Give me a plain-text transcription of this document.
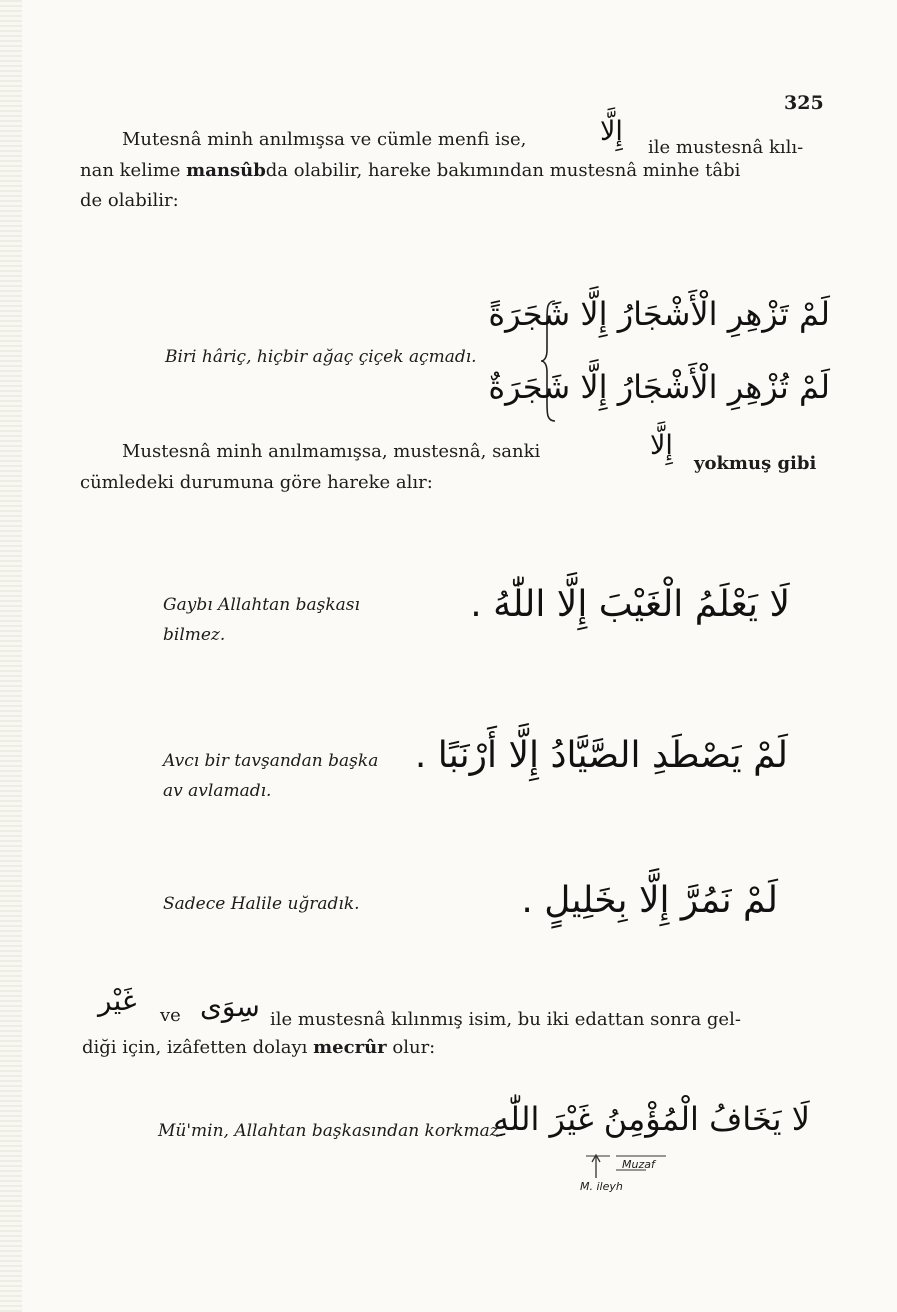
325
Mutesnâ minh anılmışsa ve cümle menfi ise,	إِلَّا
ile mustesnâ kılı-
nan kelime mansûbda olabilir, hareke bakımından mustesnâ minhe tâbi
de olabilir:
Biri hâriç, hiçbir ağaç çiçek açmadı.
لَمْ تَزْهِرِ الْأَشْجَارُ إِلَّا شَجَرَةً
لَمْ تُزْهِرِ الْأَشْجَارُ إِلَّا شَجَرَةٌ
Mustesnâ minh anılmamışsa, mustesnâ, sanki	إِلَّا
yokmuş gibi
cümledeki durumuna göre hareke alır:
Gaybı Allahtan başkası
bilmez.
لَا يَعْلَمُ الْغَيْبَ إِلَّا اللّٰهُ .
Avcı bir tavşandan başka
av avlamadı.
لَمْ يَصْطَدِ الصَّيَّادُ إِلَّا أَرْنَبًا .
Sadece Halile uğradık.	لَمْ نَمُرَّ إِلَّا بِخَلِيلٍ .
غَيْر ve سِوَى ile mustesnâ kılınmış isim, bu iki edattan sonra gel-
diği için, izâfetten dolayı mecrûr olur:
Mü'min, Allahtan başkasından korkmaz.
لَا يَخَافُ الْمُؤْمِنُ غَيْرَ اللّٰهِ
Muzaf
M. ileyh
